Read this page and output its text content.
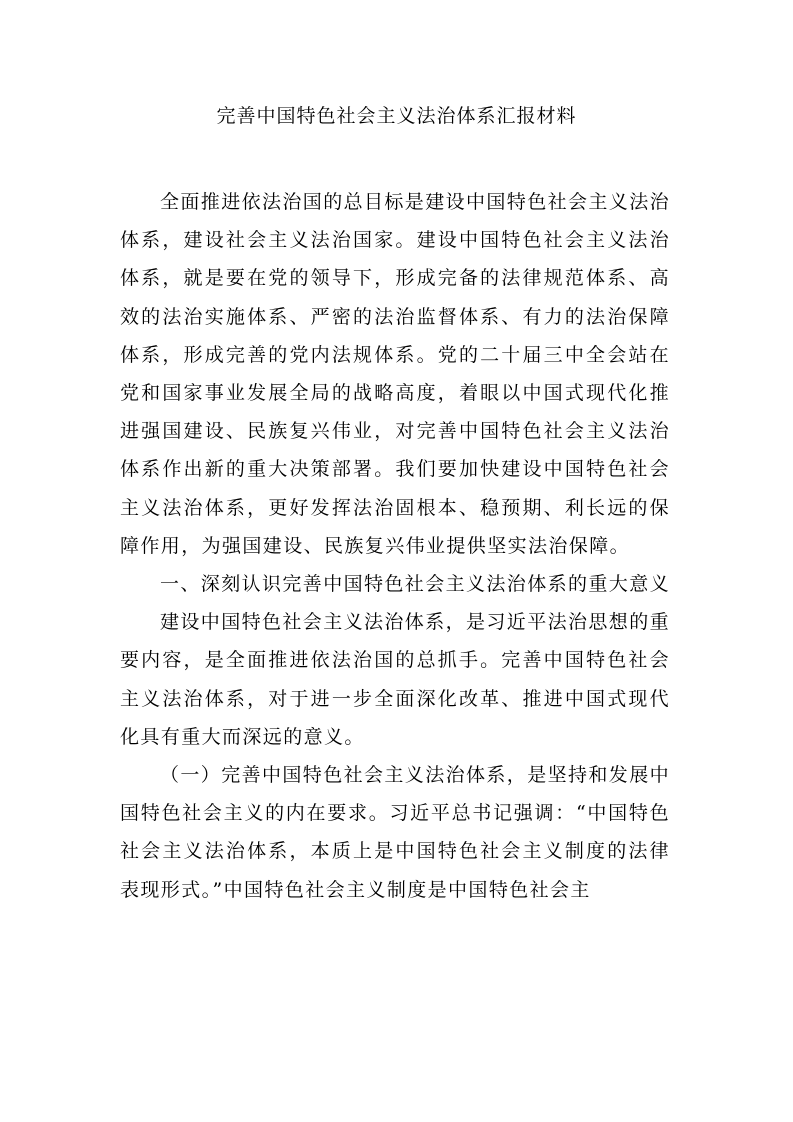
完善中国特色社会主义法治体系汇报材料

全面推进依法治国的总目标是建设中国特色社会主义法治体系，建设社会主义法治国家。建设中国特色社会主义法治体系，就是要在党的领导下，形成完备的法律规范体系、高效的法治实施体系、严密的法治监督体系、有力的法治保障体系，形成完善的党内法规体系。党的二十届三中全会站在党和国家事业发展全局的战略高度，着眼以中国式现代化推进强国建设、民族复兴伟业，对完善中国特色社会主义法治体系作出新的重大决策部署。我们要加快建设中国特色社会主义法治体系，更好发挥法治固根本、稳预期、利长远的保障作用，为强国建设、民族复兴伟业提供坚实法治保障。

一、深刻认识完善中国特色社会主义法治体系的重大意义

建设中国特色社会主义法治体系，是习近平法治思想的重要内容，是全面推进依法治国的总抓手。完善中国特色社会主义法治体系，对于进一步全面深化改革、推进中国式现代化具有重大而深远的意义。

（一）完善中国特色社会主义法治体系，是坚持和发展中国特色社会主义的内在要求。习近平总书记强调：“中国特色社会主义法治体系，本质上是中国特色社会主义制度的法律表现形式。”中国特色社会主义制度是中国特色社会主
